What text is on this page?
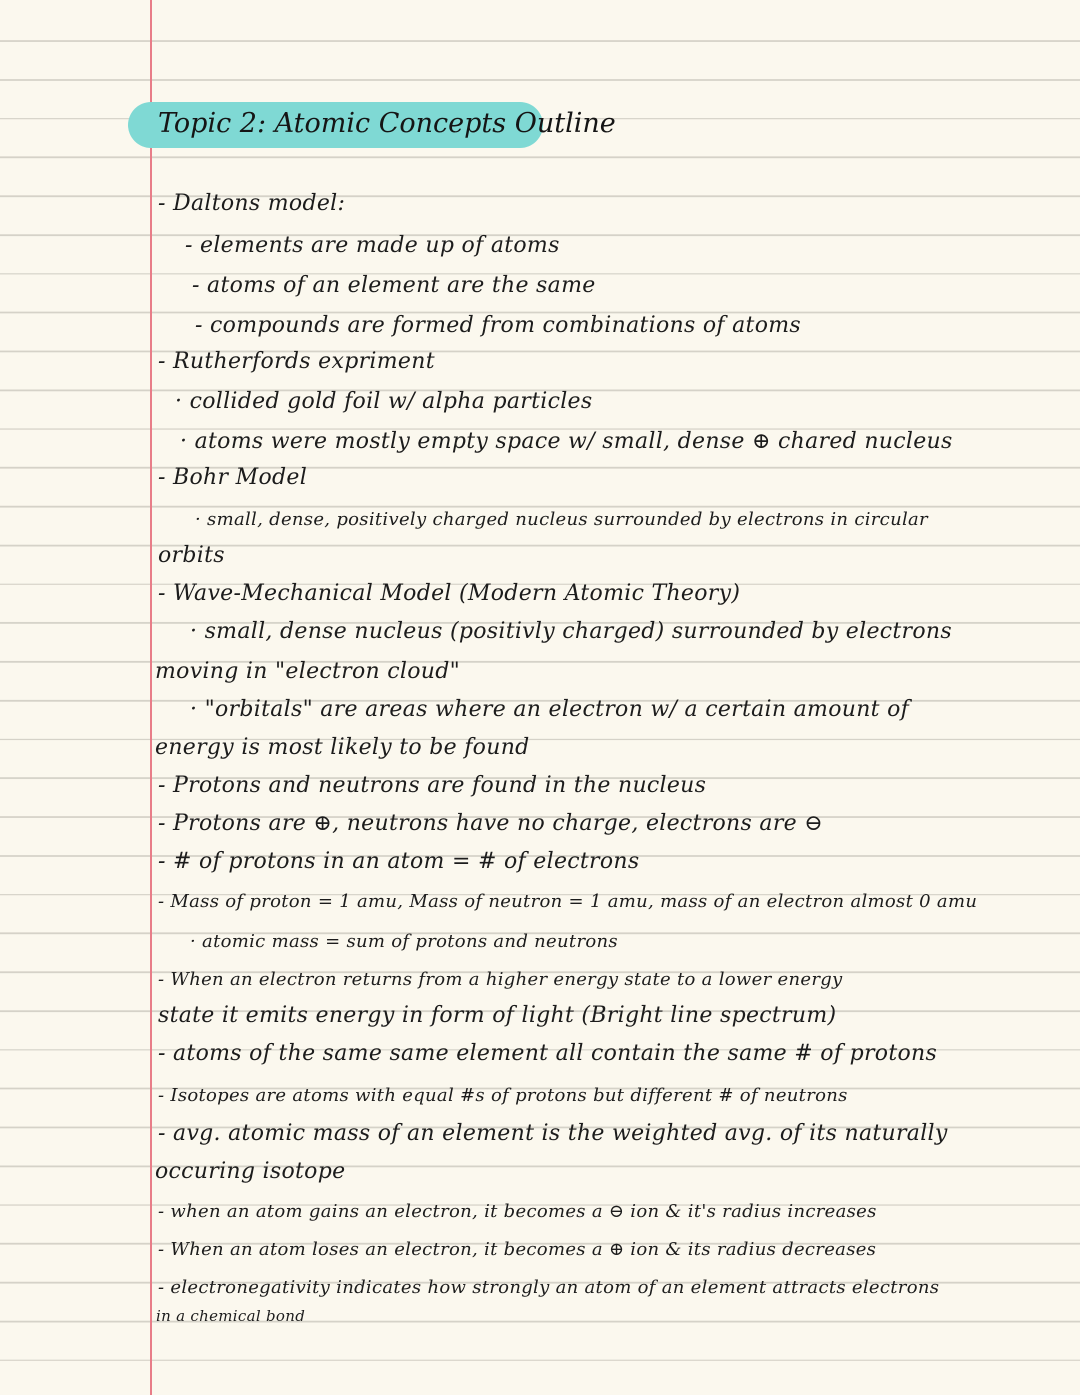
Topic 2: Atomic Concepts Outline
- Daltons model:
- elements are made up of atoms
- atoms of an element are the same
- compounds are formed from combinations of atoms
- Rutherfords expriment
· collided gold foil w/ alpha particles
· atoms were mostly empty space w/ small, dense ⊕ chared nucleus
- Bohr Model
· small, dense, positively charged nucleus surrounded by electrons in circular
orbits
- Wave-Mechanical Model (Modern Atomic Theory)
· small, dense nucleus (positivly charged) surrounded by electrons
moving in "electron cloud"
· "orbitals" are areas where an electron w/ a certain amount of
energy is most likely to be found
- Protons and neutrons are found in the nucleus
- Protons are ⊕, neutrons have no charge, electrons are ⊖
- # of protons in an atom = # of electrons
- Mass of proton = 1 amu, Mass of neutron = 1 amu, mass of an electron almost 0 amu
· atomic mass = sum of protons and neutrons
- When an electron returns from a higher energy state to a lower energy
state it emits energy in form of light (Bright line spectrum)
- atoms of the same same element all contain the same # of protons
- Isotopes are atoms with equal #s of protons but different # of neutrons
- avg. atomic mass of an element is the weighted avg. of its naturally
occuring isotope
- when an atom gains an electron, it becomes a ⊖ ion & it's radius increases
- When an atom loses an electron, it becomes a ⊕ ion & its radius decreases
- electronegativity indicates how strongly an atom of an element attracts electrons
in a chemical bond
